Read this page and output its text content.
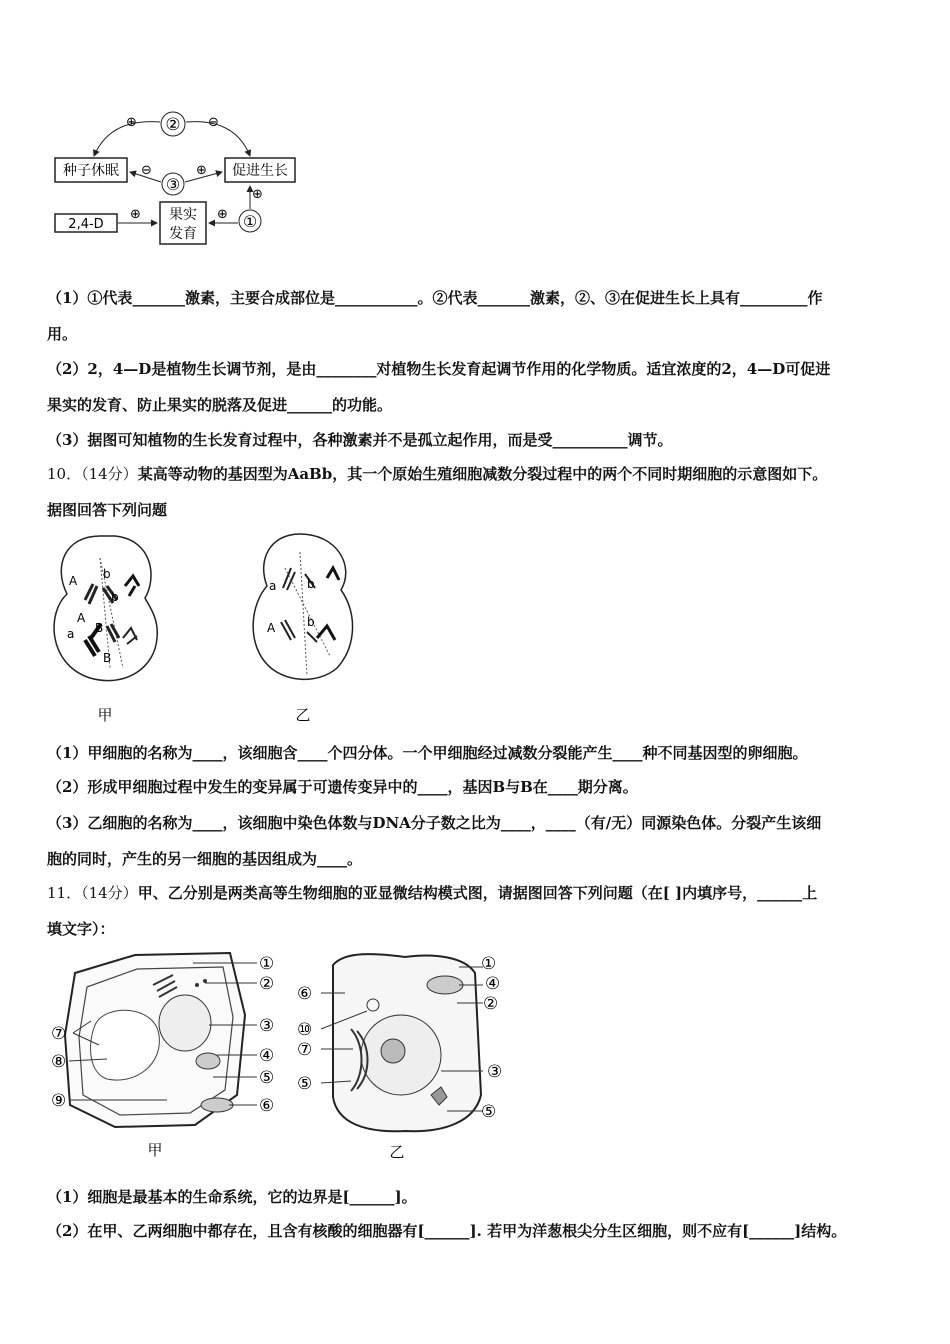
种子休眠	促进生长
2,4-D
果实
发育
②
③
①
⊕	⊖
⊖	⊕
⊕
⊕
⊕
（1）①代表_______激素，主要合成部位是___________。②代表_______激素，②、③在促进生长上具有_________作
用。
（2）2，4—D是植物生长调节剂，是由________对植物生长发育起调节作用的化学物质。适宜浓度的2，4—D可促进
果实的发育、防止果实的脱落及促进______的功能。
（3）据图可知植物的生长发育过程中，各种激素并不是孤立起作用，而是受__________调节。
10．（14分）某高等动物的基因型为AaBb，其一个原始生殖细胞减数分裂过程中的两个不同时期细胞的示意图如下。
据图回答下列问题
A b
b
A
B
a
B
甲
a	b
A	b
乙
（1）甲细胞的名称为____，该细胞含____个四分体。一个甲细胞经过减数分裂能产生____种不同基因型的卵细胞。
（2）形成甲细胞过程中发生的变异属于可遗传变异中的____，基因B与B在____期分离。
（3）乙细胞的名称为____，该细胞中染色体数与DNA分子数之比为____，____（有/无）同源染色体。分裂产生该细
胞的同时，产生的另一细胞的基因组成为____。
11．（14分）甲、乙分别是两类高等生物细胞的亚显微结构模式图，请据图回答下列问题（在[ ]内填序号，______上
填文字）：
①
②
③
④
⑤
⑥
⑦
⑧
⑨
甲
①
④
②
③
⑤
⑥
⑩
⑦
⑤
乙
（1）细胞是最基本的生命系统，它的边界是[______]。
（2）在甲、乙两细胞中都存在，且含有核酸的细胞器有[______]. 若甲为洋葱根尖分生区细胞，则不应有[______]结构。
